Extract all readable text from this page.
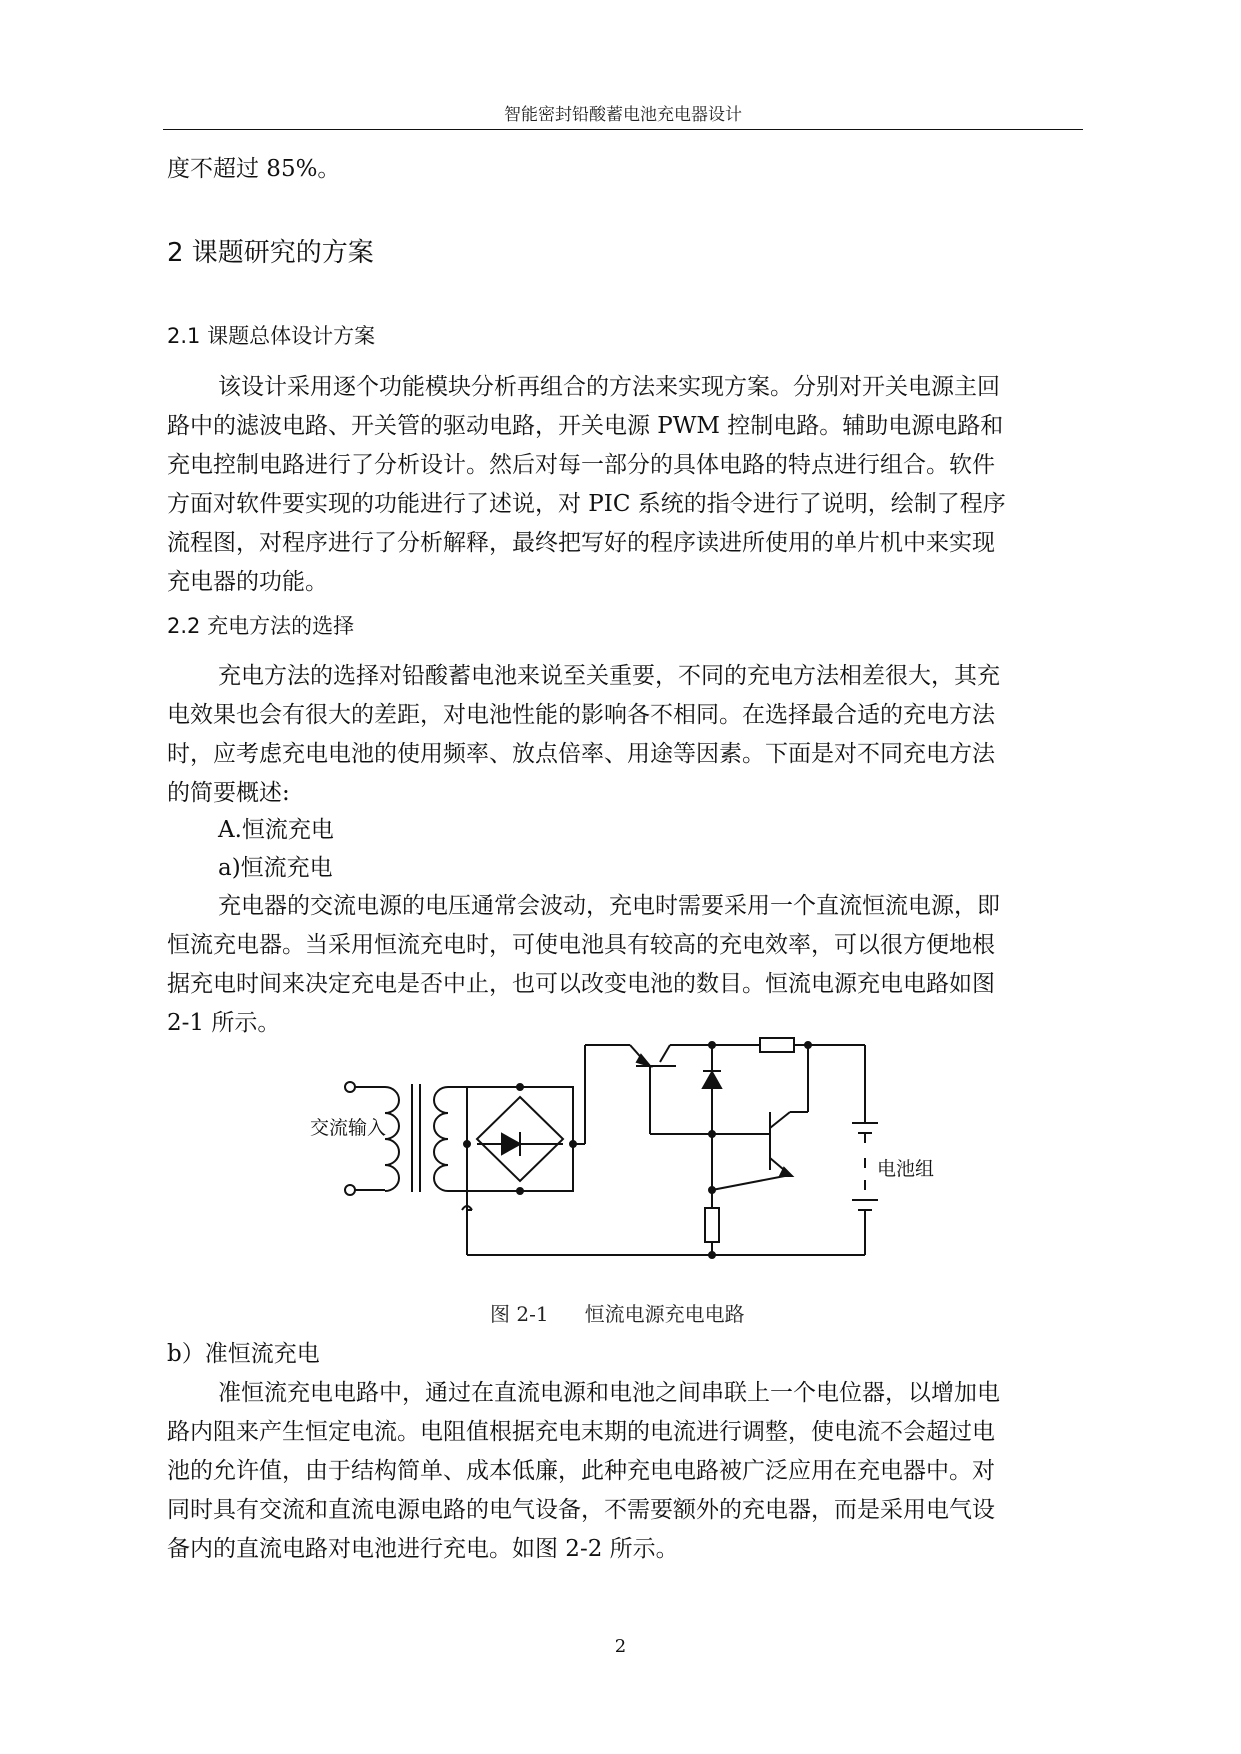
智能密封铅酸蓄电池充电器设计
度不超过 85%。
2 课题研究的方案
2.1 课题总体设计方案
该设计采用逐个功能模块分析再组合的方法来实现方案。分别对开关电源主回
路中的滤波电路、开关管的驱动电路，开关电源 PWM 控制电路。辅助电源电路和
充电控制电路进行了分析设计。然后对每一部分的具体电路的特点进行组合。软件
方面对软件要实现的功能进行了述说，对 PIC 系统的指令进行了说明，绘制了程序
流程图，对程序进行了分析解释，最终把写好的程序读进所使用的单片机中来实现
充电器的功能。
2.2 充电方法的选择
充电方法的选择对铅酸蓄电池来说至关重要，不同的充电方法相差很大，其充
电效果也会有很大的差距，对电池性能的影响各不相同。在选择最合适的充电方法
时，应考虑充电电池的使用频率、放点倍率、用途等因素。下面是对不同充电方法
的简要概述:
A.恒流充电
a)恒流充电
充电器的交流电源的电压通常会波动，充电时需要采用一个直流恒流电源，即
恒流充电器。当采用恒流充电时，可使电池具有较高的充电效率，可以很方便地根
据充电时间来决定充电是否中止，也可以改变电池的数目。恒流电源充电电路如图
2-1 所示。
交流输入
电池组
图 2-1 恒流电源充电电路
b）准恒流充电
准恒流充电电路中，通过在直流电源和电池之间串联上一个电位器，以增加电
路内阻来产生恒定电流。电阻值根据充电末期的电流进行调整，使电流不会超过电
池的允许值，由于结构简单、成本低廉，此种充电电路被广泛应用在充电器中。对
同时具有交流和直流电源电路的电气设备，不需要额外的充电器，而是采用电气设
备内的直流电路对电池进行充电。如图 2-2 所示。
2
